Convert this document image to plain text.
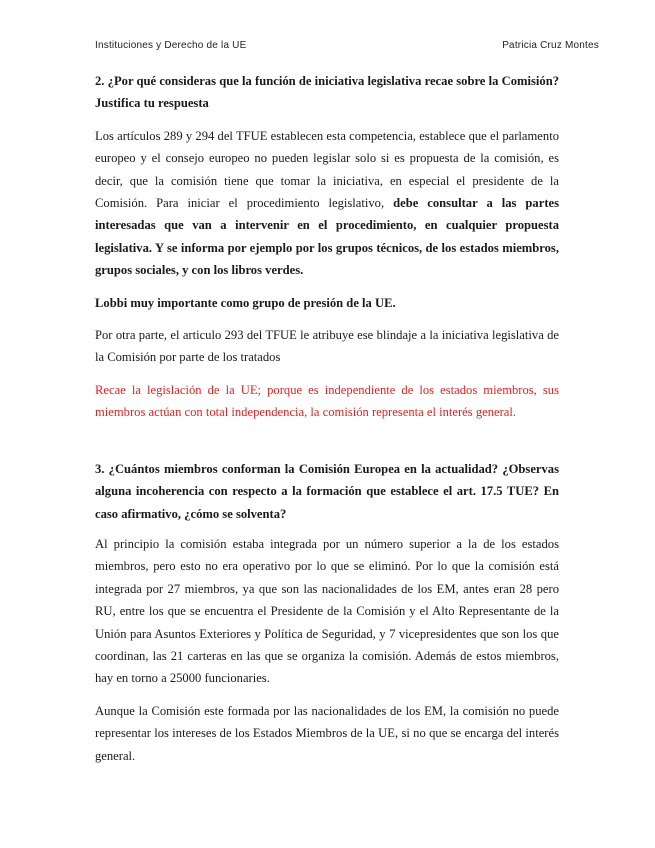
Instituciones y Derecho de la UE	Patricia Cruz Montes

2. ¿Por qué consideras que la función de iniciativa legislativa recae sobre la Comisión? Justifica tu respuesta

Los artículos 289 y 294 del TFUE establecen esta competencia, establece que el parlamento europeo y el consejo europeo no pueden legislar solo si es propuesta de la comisión, es decir, que la comisión tiene que tomar la iniciativa, en especial el presidente de la Comisión. Para iniciar el procedimiento legislativo, debe consultar a las partes interesadas que van a intervenir en el procedimiento, en cualquier propuesta legislativa. Y se informa por ejemplo por los grupos técnicos, de los estados miembros, grupos sociales, y con los libros verdes.

Lobbi muy importante como grupo de presión de la UE.

Por otra parte, el articulo 293 del TFUE le atribuye ese blindaje a la iniciativa legislativa de la Comisión por parte de los tratados

Recae la legislación de la UE; porque es independiente de los estados miembros, sus miembros actúan con total independencia, la comisión representa el interés general.

3. ¿Cuántos miembros conforman la Comisión Europea en la actualidad? ¿Observas alguna incoherencia con respecto a la formación que establece el art. 17.5 TUE? En caso afirmativo, ¿cómo se solventa?

Al principio la comisión estaba integrada por un número superior a la de los estados miembros, pero esto no era operativo por lo que se eliminó. Por lo que la comisión está integrada por 27 miembros, ya que son las nacionalidades de los EM, antes eran 28 pero RU, entre los que se encuentra el Presidente de la Comisión y el Alto Representante de la Unión para Asuntos Exteriores y Política de Seguridad, y 7 vicepresidentes que son los que coordinan, las 21 carteras en las que se organiza la comisión. Además de estos miembros, hay en torno a 25000 funcionaries.

Aunque la Comisión este formada por las nacionalidades de los EM, la comisión no puede representar los intereses de los Estados Miembros de la UE, si no que se encarga del interés general.
